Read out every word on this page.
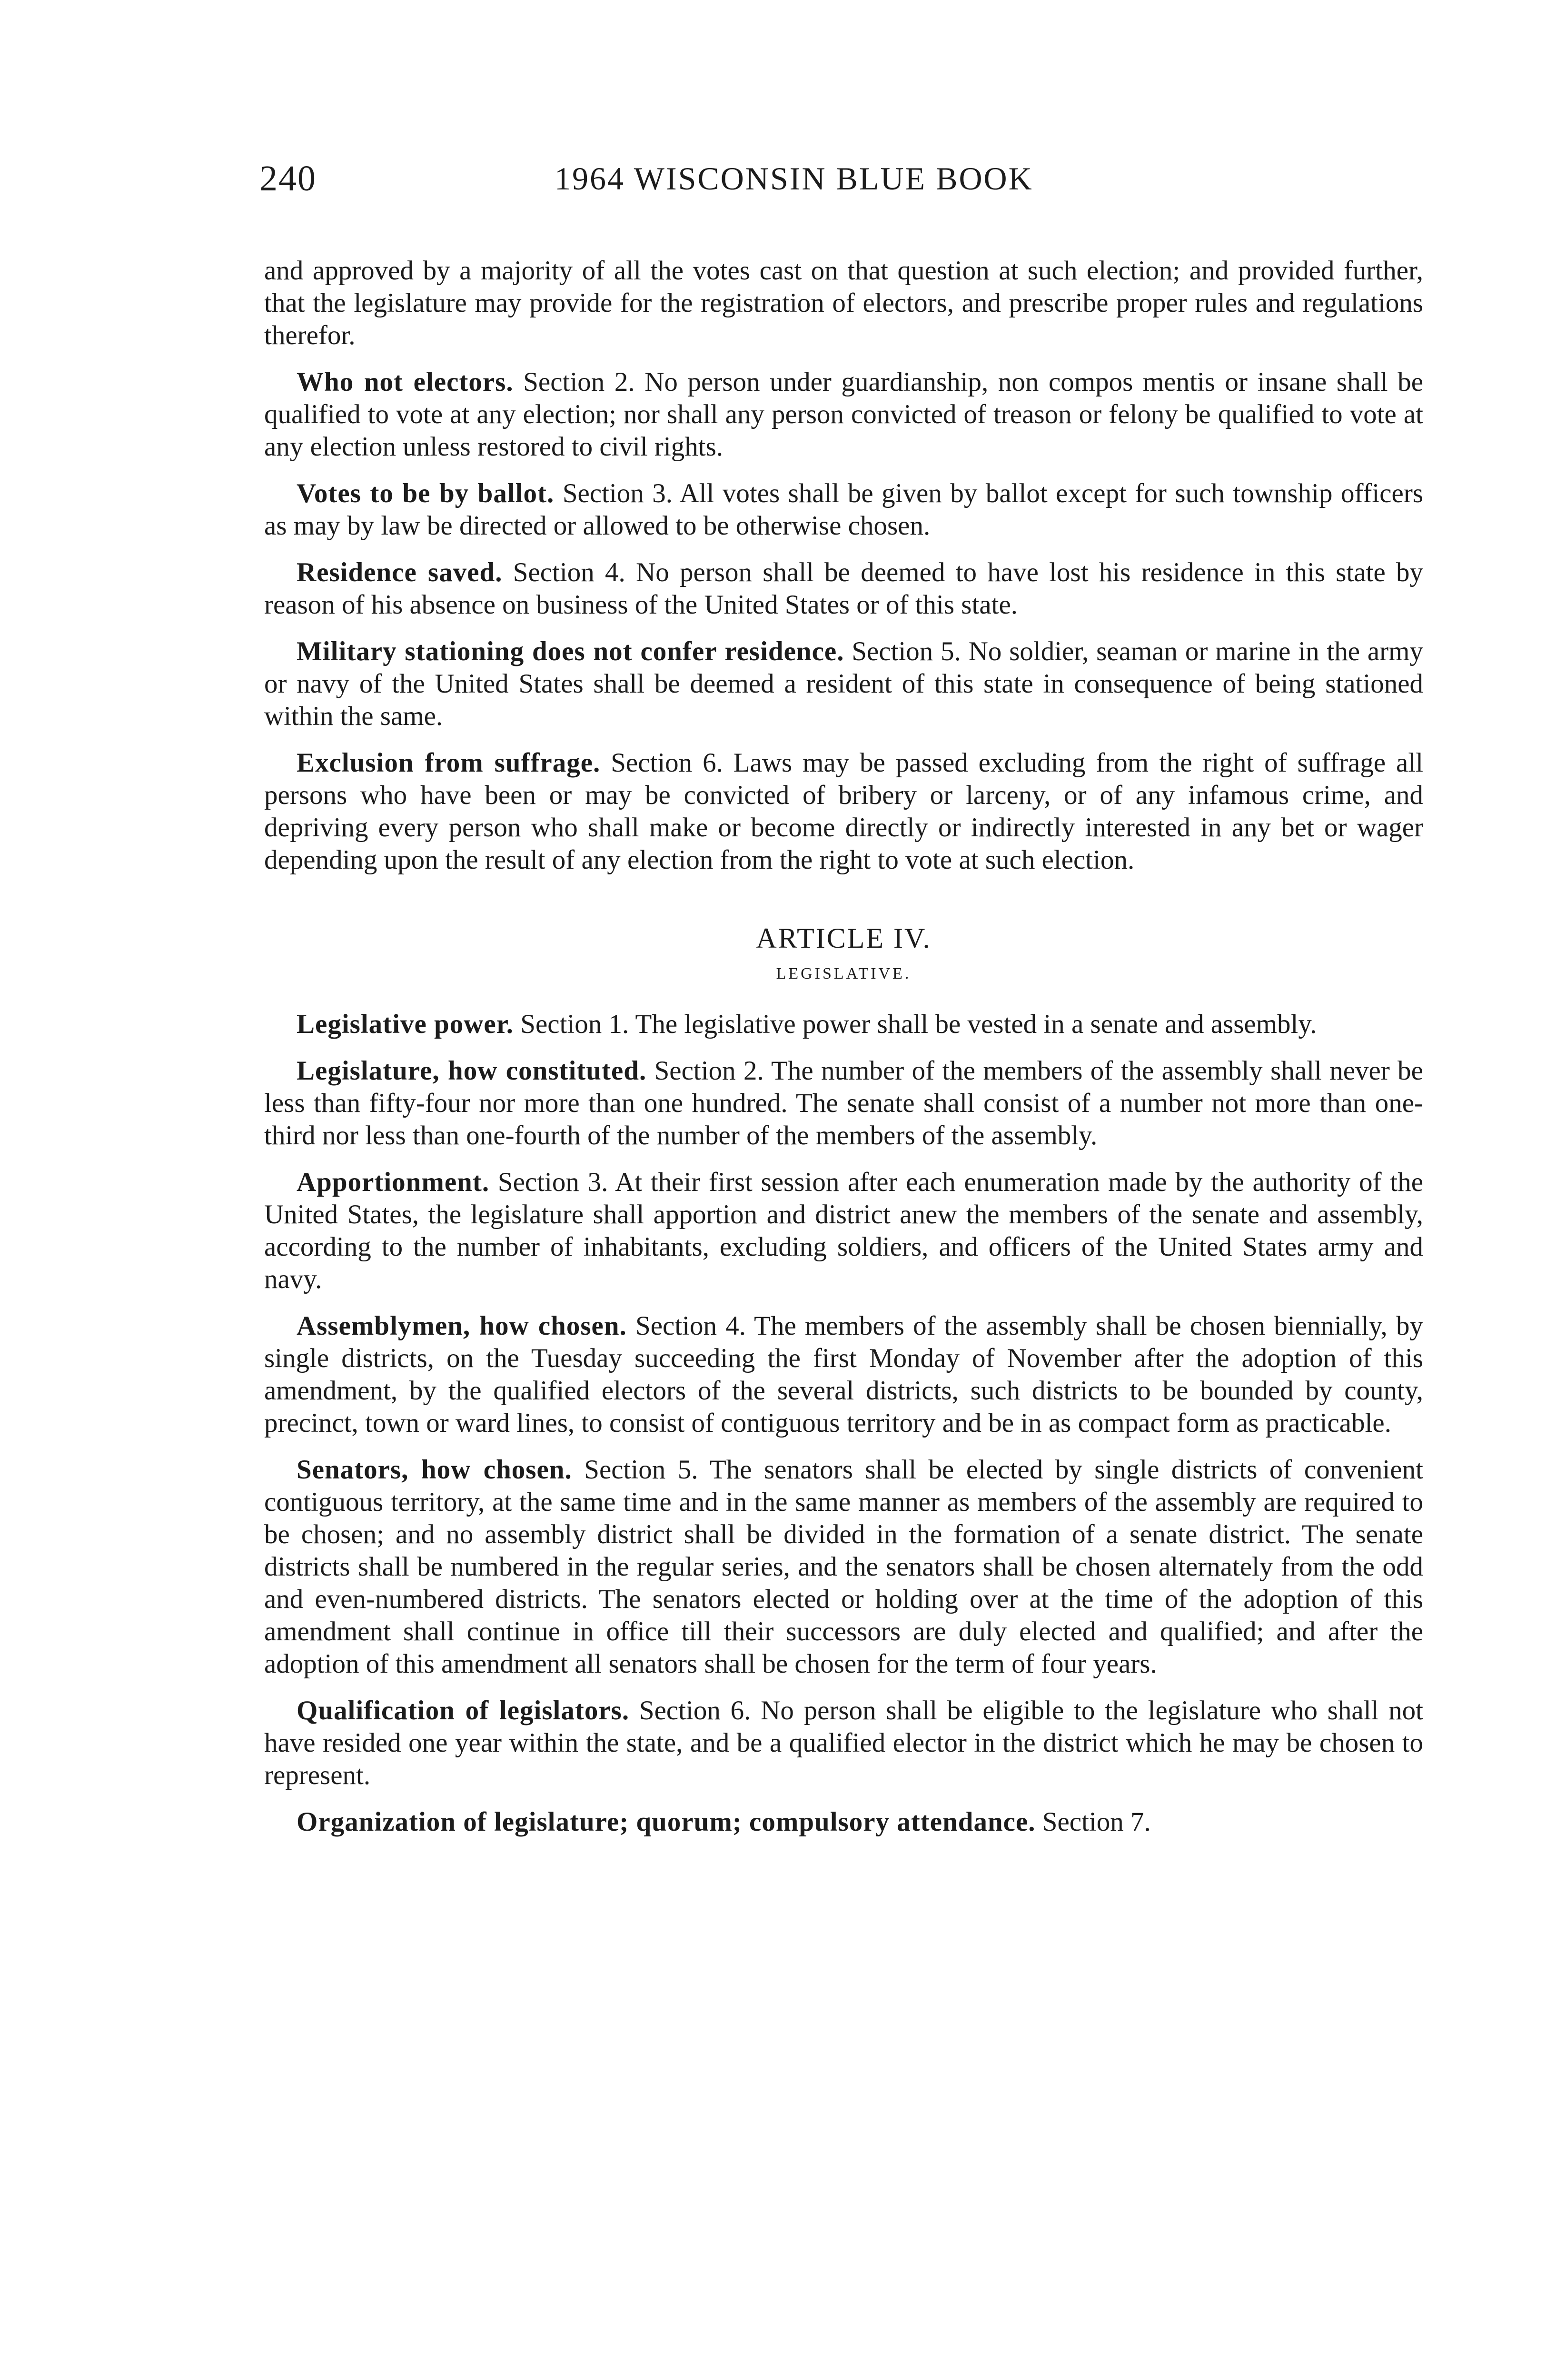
240	1964 WISCONSIN BLUE BOOK

and approved by a majority of all the votes cast on that question at such election; and provided further, that the legislature may provide for the registration of electors, and prescribe proper rules and regulations therefor.

Who not electors. Section 2. No person under guardianship, non compos mentis or insane shall be qualified to vote at any election; nor shall any person convicted of treason or felony be qualified to vote at any election unless restored to civil rights.

Votes to be by ballot. Section 3. All votes shall be given by ballot except for such township officers as may by law be directed or allowed to be otherwise chosen.

Residence saved. Section 4. No person shall be deemed to have lost his residence in this state by reason of his absence on business of the United States or of this state.

Military stationing does not confer residence. Section 5. No soldier, seaman or marine in the army or navy of the United States shall be deemed a resident of this state in consequence of being stationed within the same.

Exclusion from suffrage. Section 6. Laws may be passed excluding from the right of suffrage all persons who have been or may be convicted of bribery or larceny, or of any infamous crime, and depriving every person who shall make or become directly or indirectly interested in any bet or wager depending upon the result of any election from the right to vote at such election.

ARTICLE IV.
LEGISLATIVE.

Legislative power. Section 1. The legislative power shall be vested in a senate and assembly.

Legislature, how constituted. Section 2. The number of the members of the assembly shall never be less than fifty-four nor more than one hundred. The senate shall consist of a number not more than one-third nor less than one-fourth of the number of the members of the assembly.

Apportionment. Section 3. At their first session after each enumeration made by the authority of the United States, the legislature shall apportion and district anew the members of the senate and assembly, according to the number of inhabitants, excluding soldiers, and officers of the United States army and navy.

Assemblymen, how chosen. Section 4. The members of the assembly shall be chosen biennially, by single districts, on the Tuesday succeeding the first Monday of November after the adoption of this amendment, by the qualified electors of the several districts, such districts to be bounded by county, precinct, town or ward lines, to consist of contiguous territory and be in as compact form as practicable.

Senators, how chosen. Section 5. The senators shall be elected by single districts of convenient contiguous territory, at the same time and in the same manner as members of the assembly are required to be chosen; and no assembly district shall be divided in the formation of a senate district. The senate districts shall be numbered in the regular series, and the senators shall be chosen alternately from the odd and even-numbered districts. The senators elected or holding over at the time of the adoption of this amendment shall continue in office till their successors are duly elected and qualified; and after the adoption of this amendment all senators shall be chosen for the term of four years.

Qualification of legislators. Section 6. No person shall be eligible to the legislature who shall not have resided one year within the state, and be a qualified elector in the district which he may be chosen to represent.

Organization of legislature; quorum; compulsory attendance. Section 7.
